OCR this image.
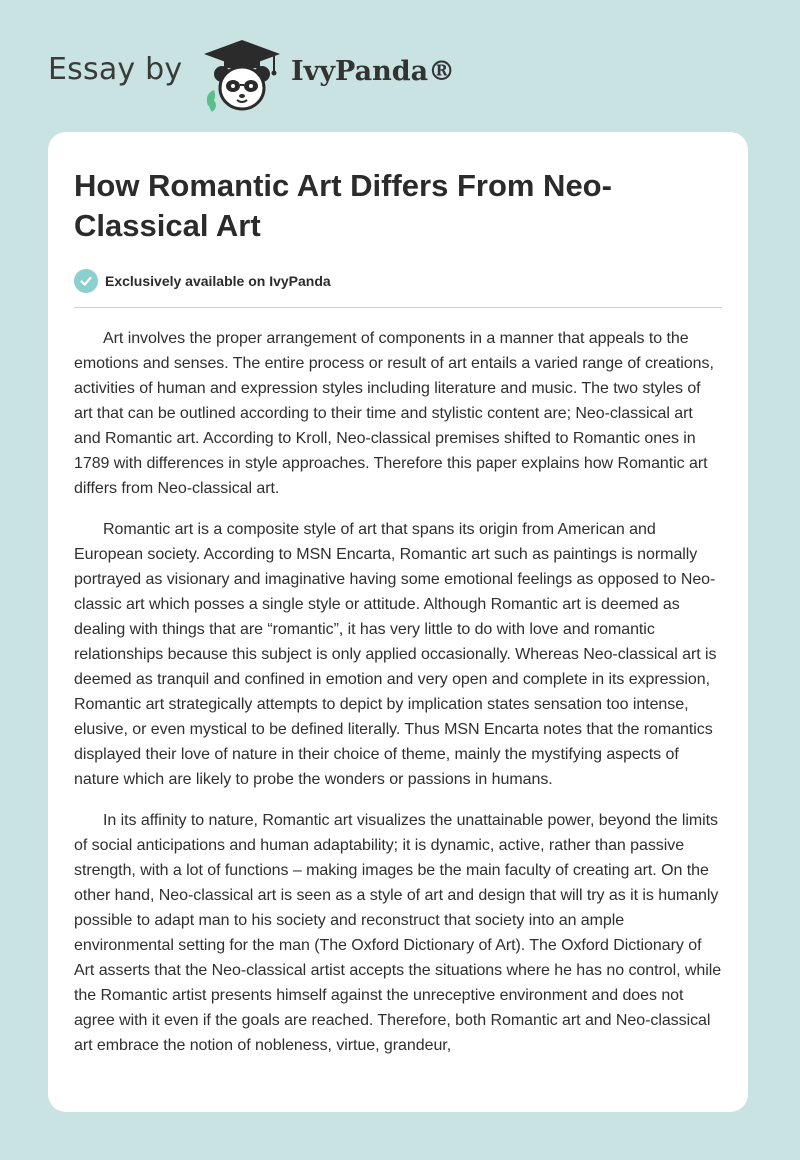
Essay by	IvyPanda®
How Romantic Art Differs From Neo-Classical Art
Exclusively available on IvyPanda

Art involves the proper arrangement of components in a manner that appeals to the emotions and senses. The entire process or result of art entails a varied range of creations, activities of human and expression styles including literature and music. The two styles of art that can be outlined according to their time and stylistic content are; Neo-classical art and Romantic art. According to Kroll, Neo-classical premises shifted to Romantic ones in 1789 with differences in style approaches. Therefore this paper explains how Romantic art differs from Neo-classical art.

Romantic art is a composite style of art that spans its origin from American and European society. According to MSN Encarta, Romantic art such as paintings is normally portrayed as visionary and imaginative having some emotional feelings as opposed to Neo-classic art which posses a single style or attitude. Although Romantic art is deemed as dealing with things that are “romantic”, it has very little to do with love and romantic relationships because this subject is only applied occasionally. Whereas Neo-classical art is deemed as tranquil and confined in emotion and very open and complete in its expression, Romantic art strategically attempts to depict by implication states sensation too intense, elusive, or even mystical to be defined literally. Thus MSN Encarta notes that the romantics displayed their love of nature in their choice of theme, mainly the mystifying aspects of nature which are likely to probe the wonders or passions in humans.

In its affinity to nature, Romantic art visualizes the unattainable power, beyond the limits of social anticipations and human adaptability; it is dynamic, active, rather than passive strength, with a lot of functions – making images be the main faculty of creating art. On the other hand, Neo-classical art is seen as a style of art and design that will try as it is humanly possible to adapt man to his society and reconstruct that society into an ample environmental setting for the man (The Oxford Dictionary of Art). The Oxford Dictionary of Art asserts that the Neo-classical artist accepts the situations where he has no control, while the Romantic artist presents himself against the unreceptive environment and does not agree with it even if the goals are reached. Therefore, both Romantic art and Neo-classical art embrace the notion of nobleness, virtue, grandeur,
